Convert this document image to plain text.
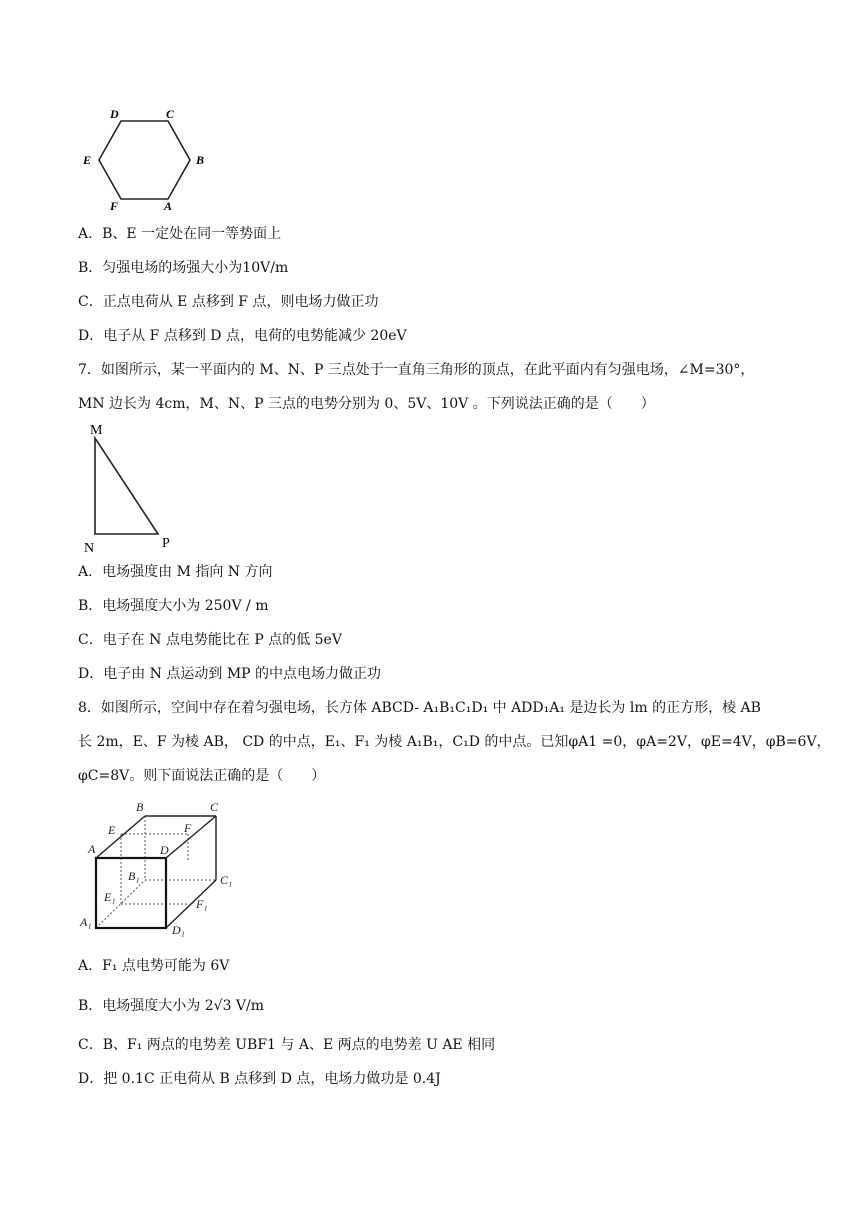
D	C
E	B
F	A
A．B、E 一定处在同一等势面上
B．匀强电场的场强大小为10V/m
C．正点电荷从 E 点移到 F 点，则电场力做正功
D．电子从 F 点移到 D 点，电荷的电势能减少 20eV
7．如图所示，某一平面内的 M、N、P 三点处于一直角三角形的顶点，在此平面内有匀强电场，∠M=30°，
MN 边长为 4cm，M、N、P 三点的电势分别为 0、5V、10V 。下列说法正确的是（　　）
M
N	P
A．电场强度由 M 指向 N 方向
B．电场强度大小为 250V / m
C．电子在 N 点电势能比在 P 点的低 5eV
D．电子由 N 点运动到 MP 的中点电场力做正功
8．如图所示，空间中存在着匀强电场，长方体 ABCD- A₁B₁C₁D₁ 中 ADD₁A₁ 是边长为 lm 的正方形，棱 AB
长 2m，E、F 为棱 AB， CD 的中点，E₁、F₁ 为棱 A₁B₁，C₁D 的中点。已知φA1 =0，φA=2V，φE=4V，φB=6V，
φC=8V。则下面说法正确的是（　　）
B	C
E	F
A	D
B₁	C₁
E₁	F₁
A₁
D₁
A．F₁ 点电势可能为 6V
B．电场强度大小为 2√3 V/m
C．B、F₁ 两点的电势差 UBF1 与 A、E 两点的电势差 U AE 相同
D．把 0.1C 正电荷从 B 点移到 D 点，电场力做功是 0.4J
